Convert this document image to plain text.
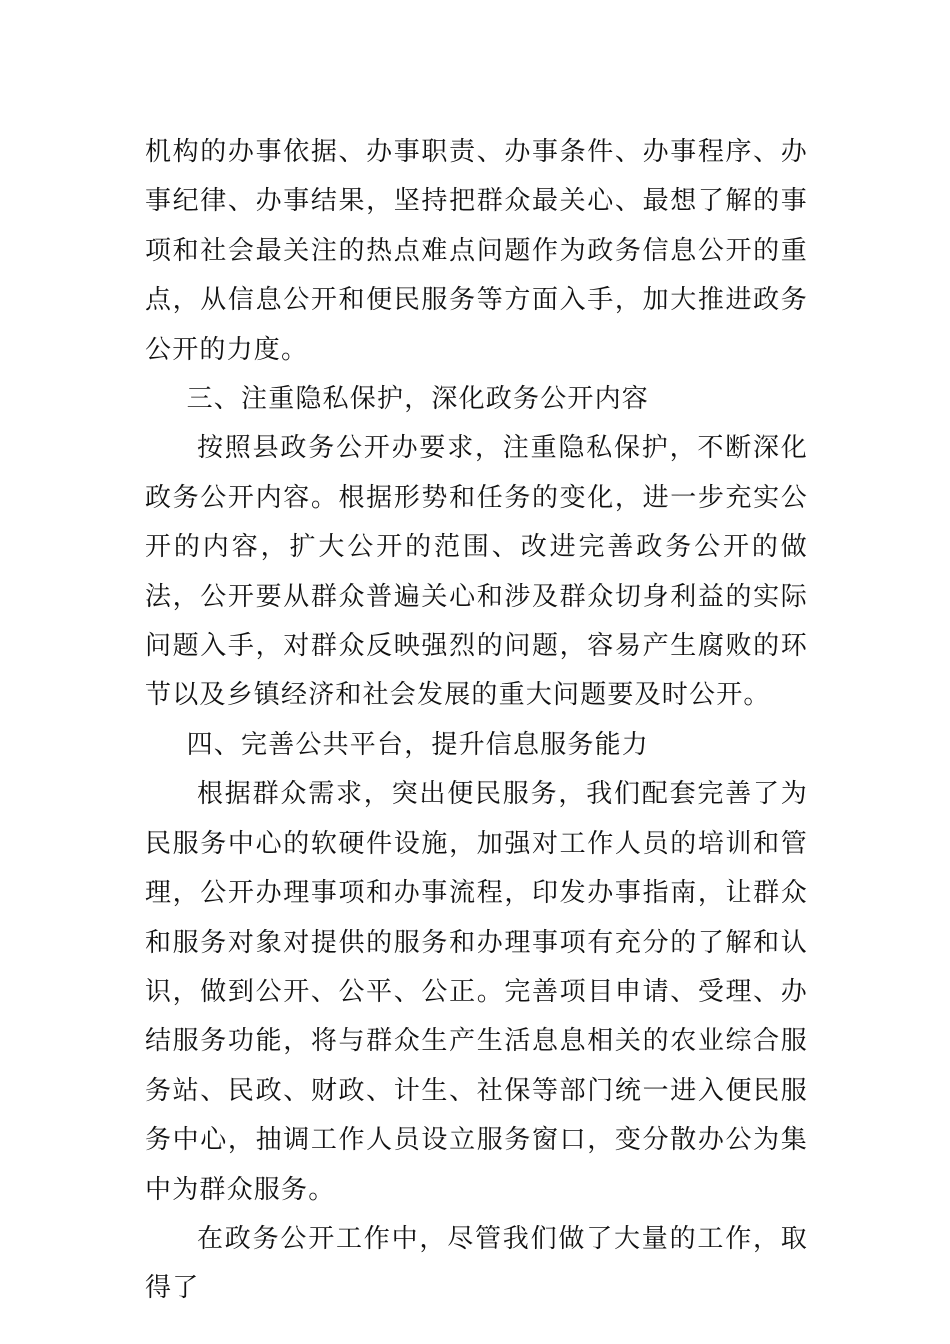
机构的办事依据、办事职责、办事条件、办事程序、办事纪律、办事结果，坚持把群众最关心、最想了解的事项和社会最关注的热点难点问题作为政务信息公开的重点，从信息公开和便民服务等方面入手，加大推进政务公开的力度。

三、注重隐私保护，深化政务公开内容

按照县政务公开办要求，注重隐私保护，不断深化政务公开内容。根据形势和任务的变化，进一步充实公开的内容，扩大公开的范围、改进完善政务公开的做法，公开要从群众普遍关心和涉及群众切身利益的实际问题入手，对群众反映强烈的问题，容易产生腐败的环节以及乡镇经济和社会发展的重大问题要及时公开。

四、完善公共平台，提升信息服务能力

根据群众需求，突出便民服务，我们配套完善了为民服务中心的软硬件设施，加强对工作人员的培训和管理，公开办理事项和办事流程，印发办事指南，让群众和服务对象对提供的服务和办理事项有充分的了解和认识，做到公开、公平、公正。完善项目申请、受理、办结服务功能，将与群众生产生活息息相关的农业综合服务站、民政、财政、计生、社保等部门统一进入便民服务中心，抽调工作人员设立服务窗口，变分散办公为集中为群众服务。

在政务公开工作中，尽管我们做了大量的工作，取得了
